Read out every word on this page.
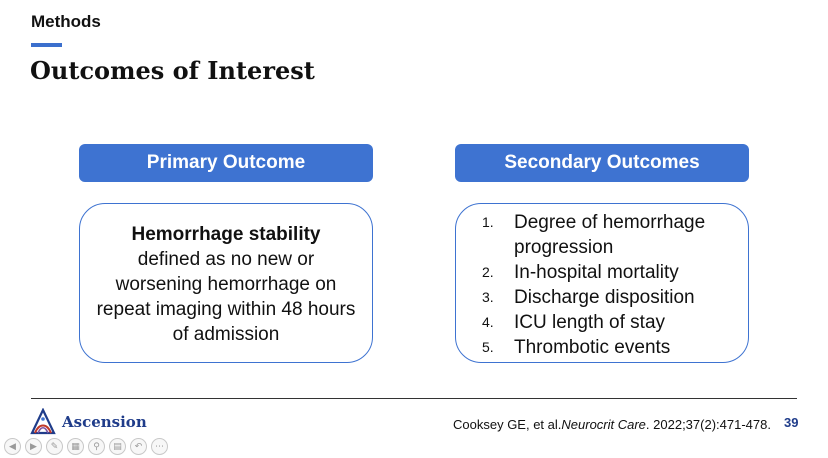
Methods
Outcomes of Interest
Primary Outcome	Secondary Outcomes
Hemorrhage stability
defined as no new or worsening hemorrhage on repeat imaging within 48 hours of admission
1.	Degree of hemorrhage progression
2.	In-hospital mortality
3.	Discharge disposition
4.	ICU length of stay
5.	Thrombotic events
Ascension	Cooksey GE, et al.Neurocrit Care. 2022;37(2):471-478. 39
◀	▶	✎	▦	⚲	▤	↶	⋯
